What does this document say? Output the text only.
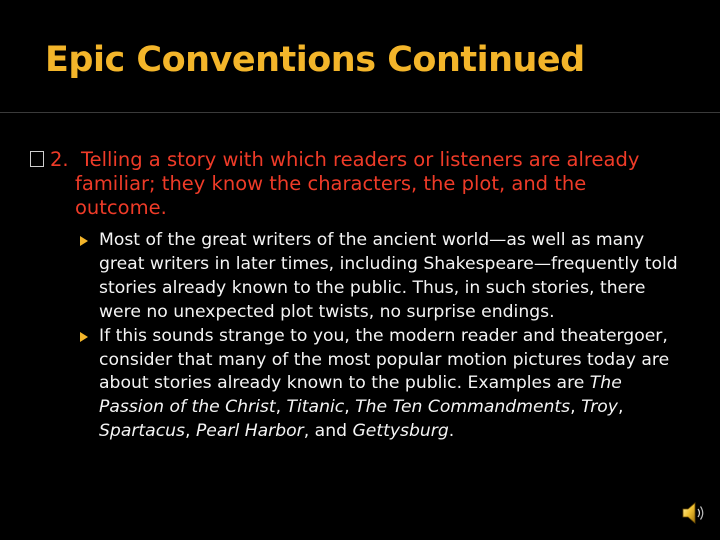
Epic Conventions Continued
2. Telling a story with which readers or listeners are already familiar; they know the characters, the plot, and the outcome.

Most of the great writers of the ancient world—as well as many great writers in later times, including Shakespeare—frequently told stories already known to the public. Thus, in such stories, there were no unexpected plot twists, no surprise endings.

If this sounds strange to you, the modern reader and theatergoer, consider that many of the most popular motion pictures today are about stories already known to the public. Examples are The Passion of the Christ, Titanic, The Ten Commandments, Troy, Spartacus, Pearl Harbor, and Gettysburg.
